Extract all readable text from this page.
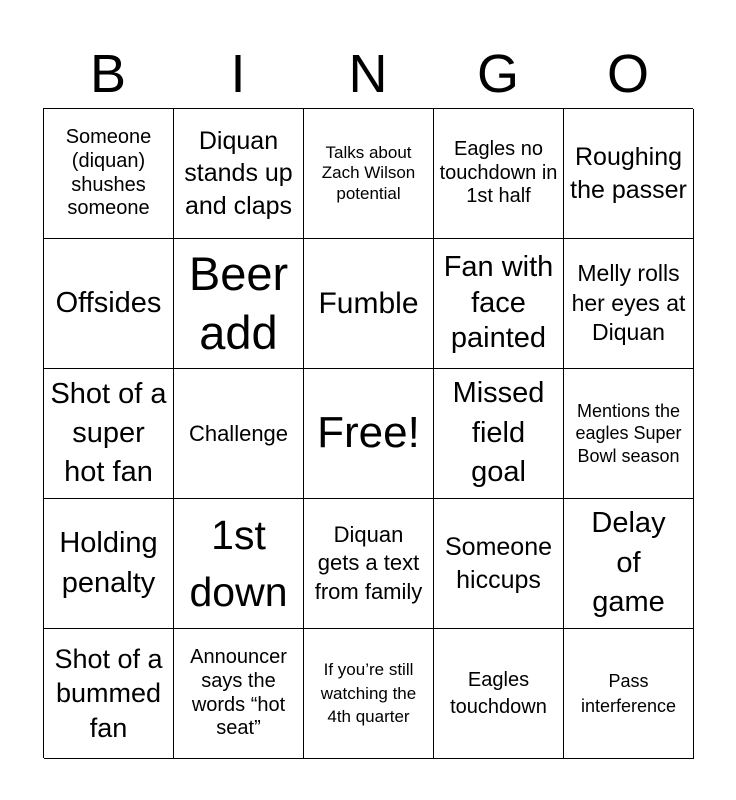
B	I	N	G	O
Someone (diquan) shushes someone
Diquan stands up and claps
Talks about Zach Wilson potential
Eagles no touchdown in 1st half
Roughing the passer
Offsides
Beer add
Fumble
Fan with face painted
Melly rolls her eyes at Diquan
Shot of a super hot fan
Challenge Free!
Missed field goal
Mentions the eagles Super Bowl season
Holding penalty
1st down
Diquan gets a text from family
Someone hiccups
Delay of game
Shot of a bummed fan
Announcer says the words “hot seat”
If you’re still watching the 4th quarter
Eagles touchdown
Pass interference
